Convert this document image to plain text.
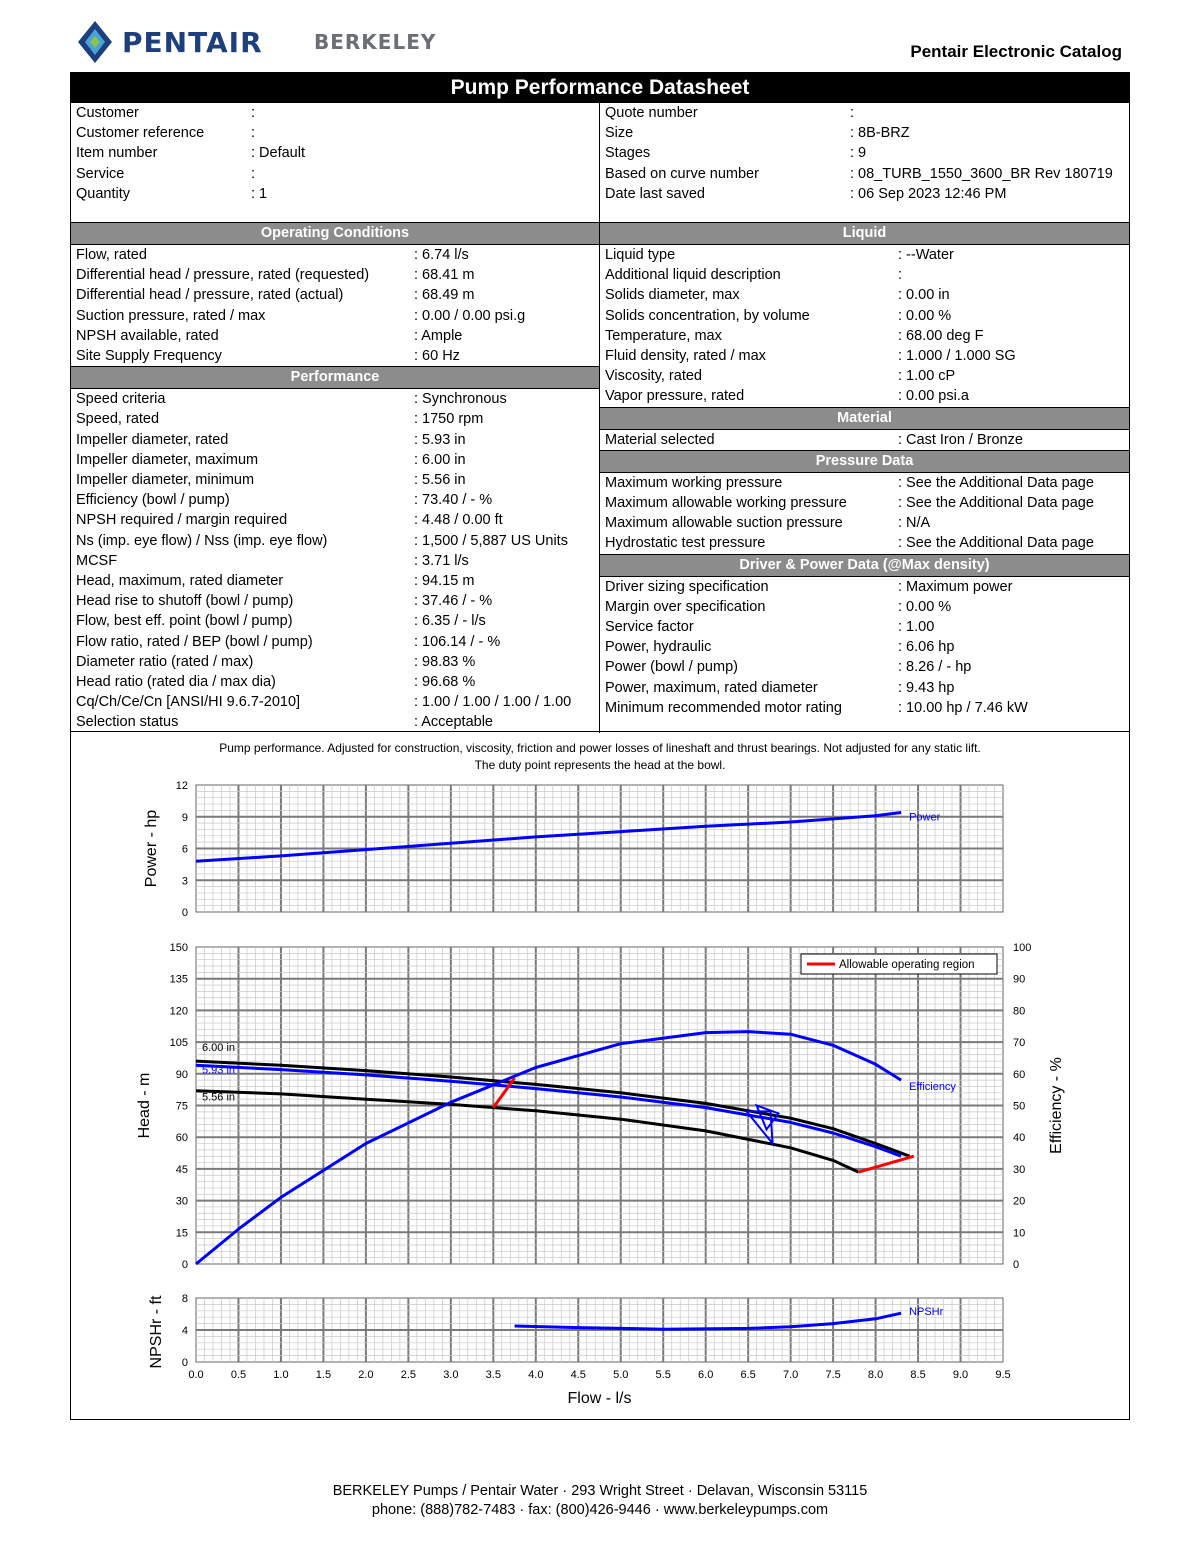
PENTAIR	BERKELEY	Pentair Electronic Catalog
Pump Performance Datasheet
Customer	:
Customer reference	:
Item number	: Default
Service	:
Quantity	: 1
Quote number	:
Size	: 8B-BRZ
Stages	: 9
Based on curve number	: 08_TURB_1550_3600_BR Rev 180719
Date last saved	: 06 Sep 2023 12:46 PM
Operating Conditions
Flow, rated	: 6.74 l/s
Differential head / pressure, rated (requested)	: 68.41 m
Differential head / pressure, rated (actual)	: 68.49 m
Suction pressure, rated / max	: 0.00 / 0.00 psi.g
NPSH available, rated	: Ample
Site Supply Frequency	: 60 Hz
Performance
Speed criteria	: Synchronous
Speed, rated	: 1750 rpm
Impeller diameter, rated	: 5.93 in
Impeller diameter, maximum	: 6.00 in
Impeller diameter, minimum	: 5.56 in
Efficiency (bowl / pump)	: 73.40 / - %
NPSH required / margin required	: 4.48 / 0.00 ft
Ns (imp. eye flow) / Nss (imp. eye flow)	: 1,500 / 5,887 US Units
MCSF	: 3.71 l/s
Head, maximum, rated diameter	: 94.15 m
Head rise to shutoff (bowl / pump)	: 37.46 / - %
Flow, best eff. point (bowl / pump)	: 6.35 / - l/s
Flow ratio, rated / BEP (bowl / pump)	: 106.14 / - %
Diameter ratio (rated / max)	: 98.83 %
Head ratio (rated dia / max dia)	: 96.68 %
Cq/Ch/Ce/Cn [ANSI/HI 9.6.7-2010]	: 1.00 / 1.00 / 1.00 / 1.00
Selection status	: Acceptable
Liquid
Liquid type	: --Water
Additional liquid description	:
Solids diameter, max	: 0.00 in
Solids concentration, by volume	: 0.00 %
Temperature, max	: 68.00 deg F
Fluid density, rated / max	: 1.000 / 1.000 SG
Viscosity, rated	: 1.00 cP
Vapor pressure, rated	: 0.00 psi.a
Material
Material selected	: Cast Iron / Bronze
Pressure Data
Maximum working pressure	: See the Additional Data page
Maximum allowable working pressure	: See the Additional Data page
Maximum allowable suction pressure	: N/A
Hydrostatic test pressure	: See the Additional Data page
Driver & Power Data (@Max density)
Driver sizing specification	: Maximum power
Margin over specification	: 0.00 %
Service factor	: 1.00
Power, hydraulic	: 6.06 hp
Power (bowl / pump)	: 8.26 / - hp
Power, maximum, rated diameter	: 9.43 hp
Minimum recommended motor rating	: 10.00 hp / 7.46 kW
Pump performance. Adjusted for construction, viscosity, friction and power losses of lineshaft and thrust bearings. Not adjusted for any static lift.
The duty point represents the head at the bowl.
0
3
6
9
12
Power - hp	Power
0
15
30
45
60
75
90
105
120
135
150
0
10
20
30
40
50
60
70
80
90
100
Head - m	Efficiency - %
6.00 in
5.93 in
5.56 in
Efficiency
Allowable operating region
0
4
8
NPSHr - ft
0.0 0.5 1.0 1.5 2.0 2.5 3.0 3.5 4.0 4.5 5.0 5.5 6.0 6.5 7.0 7.5 8.0 8.5 9.0 9.5
Flow - l/s
NPSHr
BERKELEY Pumps / Pentair Water · 293 Wright Street · Delavan, Wisconsin 53115
phone: (888)782-7483 · fax: (800)426-9446 · www.berkeleypumps.com
